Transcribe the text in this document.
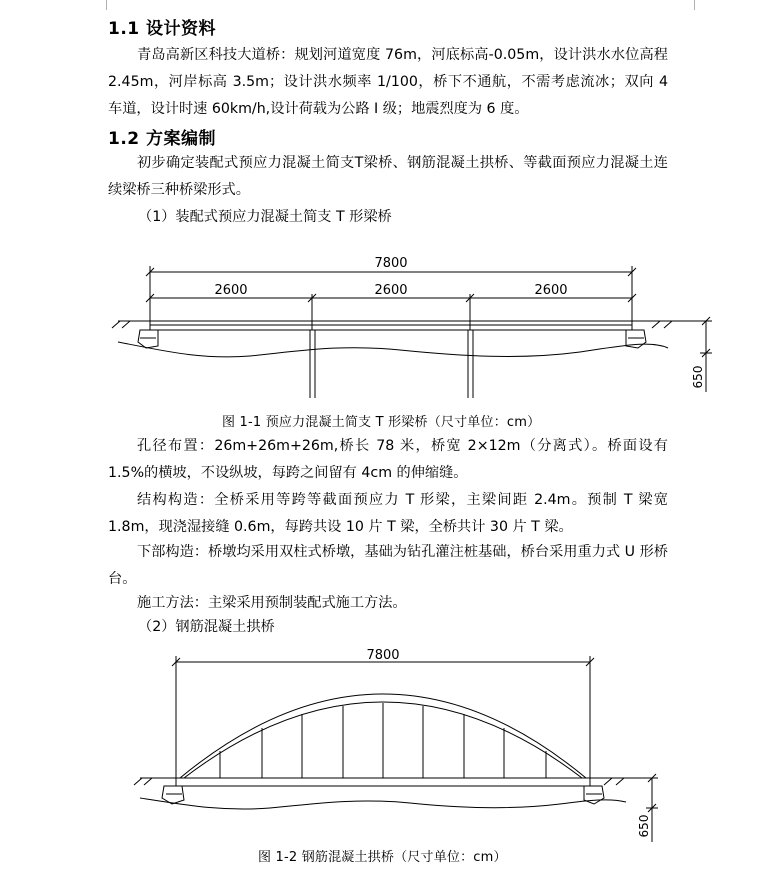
1.1 设计资料
青岛高新区科技大道桥：规划河道宽度 76m，河底标高-0.05m，设计洪水水位高程 2.45m，河岸标高 3.5m；设计洪水频率 1/100，桥下不通航，不需考虑流冰；双向 4 车道，设计时速 60km/h,设计荷载为公路 I 级；地震烈度为 6 度。
1.2 方案编制
初步确定装配式预应力混凝土简支T梁桥、钢筋混凝土拱桥、等截面预应力混凝土连续梁桥三种桥梁形式。
（1）装配式预应力混凝土简支 T 形梁桥
7800
2600	2600	2600
650
图 1-1 预应力混凝土简支 T 形梁桥（尺寸单位：cm）
孔径布置：26m+26m+26m,桥长 78 米，桥宽 2×12m（分离式）。桥面设有 1.5%的横坡，不设纵坡，每跨之间留有 4cm 的伸缩缝。
结构构造：全桥采用等跨等截面预应力 T 形梁，主梁间距 2.4m。预制 T 梁宽 1.8m，现浇湿接缝 0.6m，每跨共设 10 片 T 梁，全桥共计 30 片 T 梁。
下部构造：桥墩均采用双柱式桥墩，基础为钻孔灌注桩基础，桥台采用重力式 U 形桥台。
施工方法：主梁采用预制装配式施工方法。
（2）钢筋混凝土拱桥
7800
650
图 1-2 钢筋混凝土拱桥（尺寸单位：cm）
